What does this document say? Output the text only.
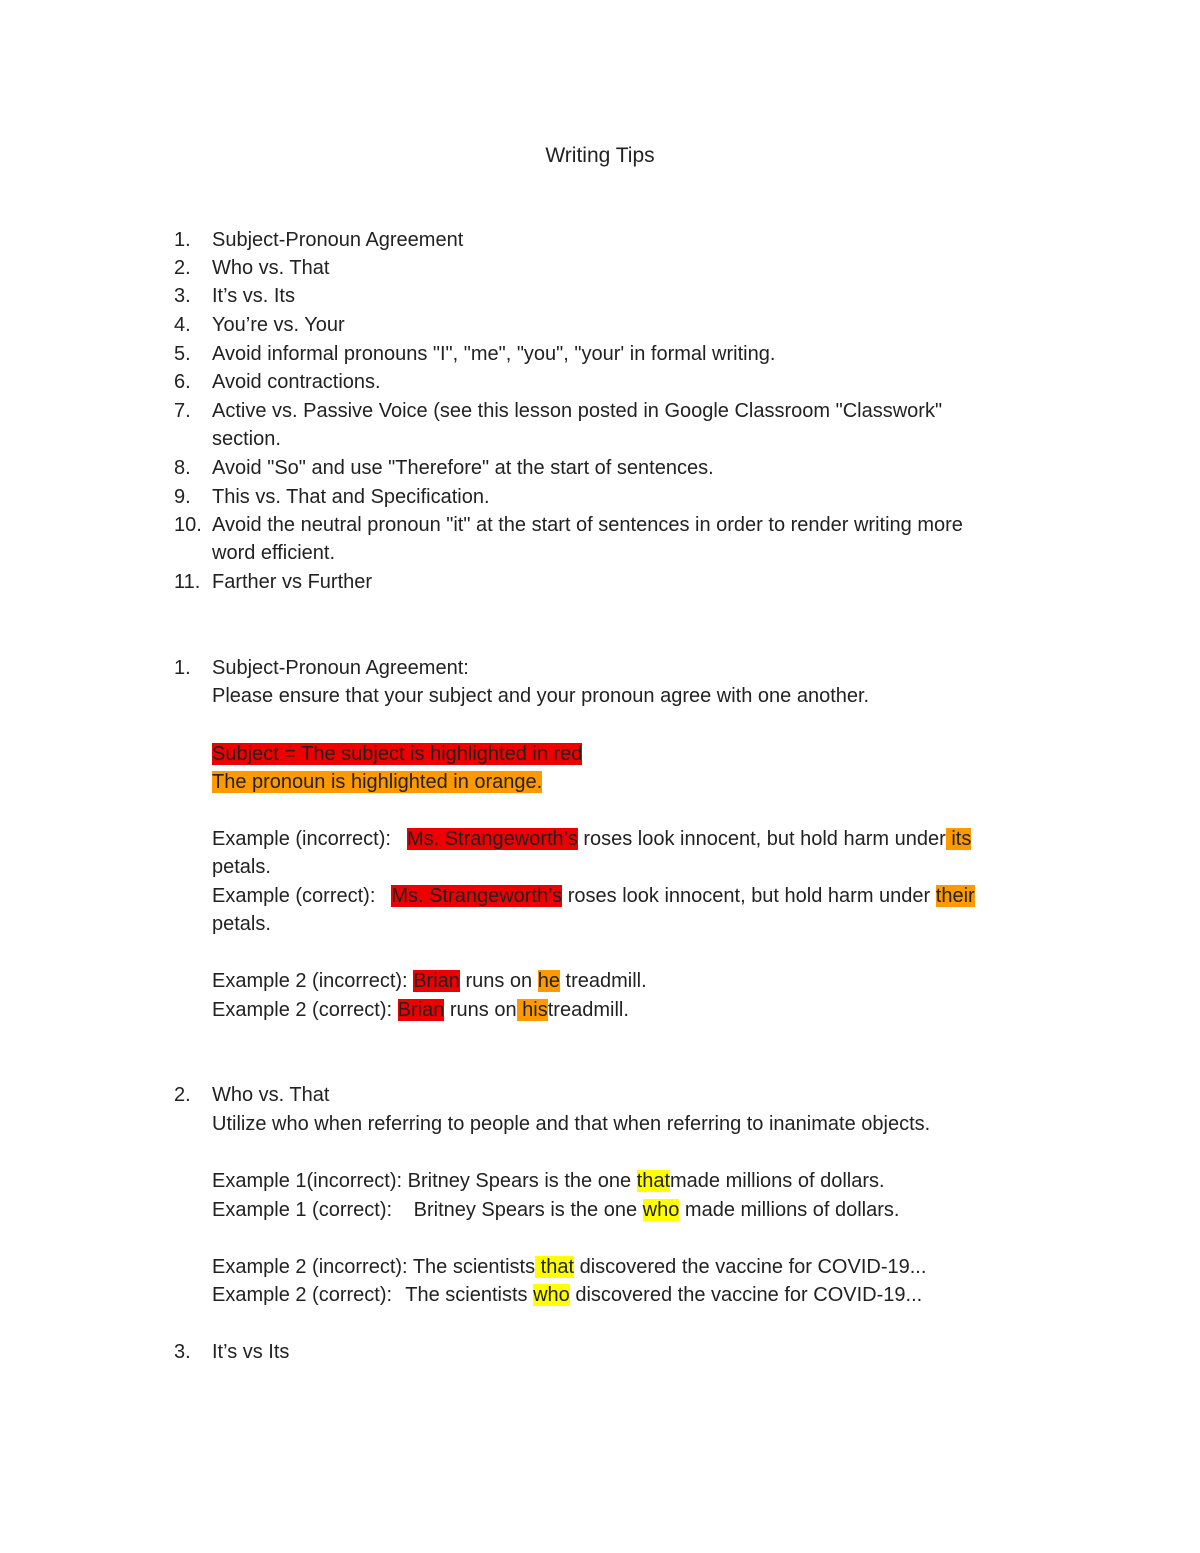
Writing Tips
1.	Subject-Pronoun Agreement
2.	Who vs. That
3.	It’s vs. Its
4.	You’re vs. Your
5.	Avoid informal pronouns "I", "me", "you", "your' in formal writing.
6.	Avoid contractions.
7.	Active vs. Passive Voice (see this lesson posted in Google Classroom "Classwork"
section.
8.	Avoid "So" and use "Therefore" at the start of sentences.
9.	This vs. That and Specification.
10. Avoid the neutral pronoun "it" at the start of sentences in order to render writing more
word efficient.
11. Farther vs Further
1.	Subject-Pronoun Agreement:
Please ensure that your subject and your pronoun agree with one another.
Subject = The subject is highlighted in red
The pronoun is highlighted in orange.
Example (incorrect): Ms. Strangeworth’s roses look innocent, but hold harm under its
petals.
Example (correct): Ms. Strangeworth’s roses look innocent, but hold harm under their
petals.
Example 2 (incorrect): Brian runs on he treadmill.
Example 2 (correct): Brian runs on histreadmill.
2.	Who vs. That
Utilize who when referring to people and that when referring to inanimate objects.
Example 1(incorrect): Britney Spears is the one thatmade millions of dollars.
Example 1 (correct): Britney Spears is the one who made millions of dollars.
Example 2 (incorrect): The scientists that discovered the vaccine for COVID-19...
Example 2 (correct): The scientists who discovered the vaccine for COVID-19...
3.	It’s vs Its
